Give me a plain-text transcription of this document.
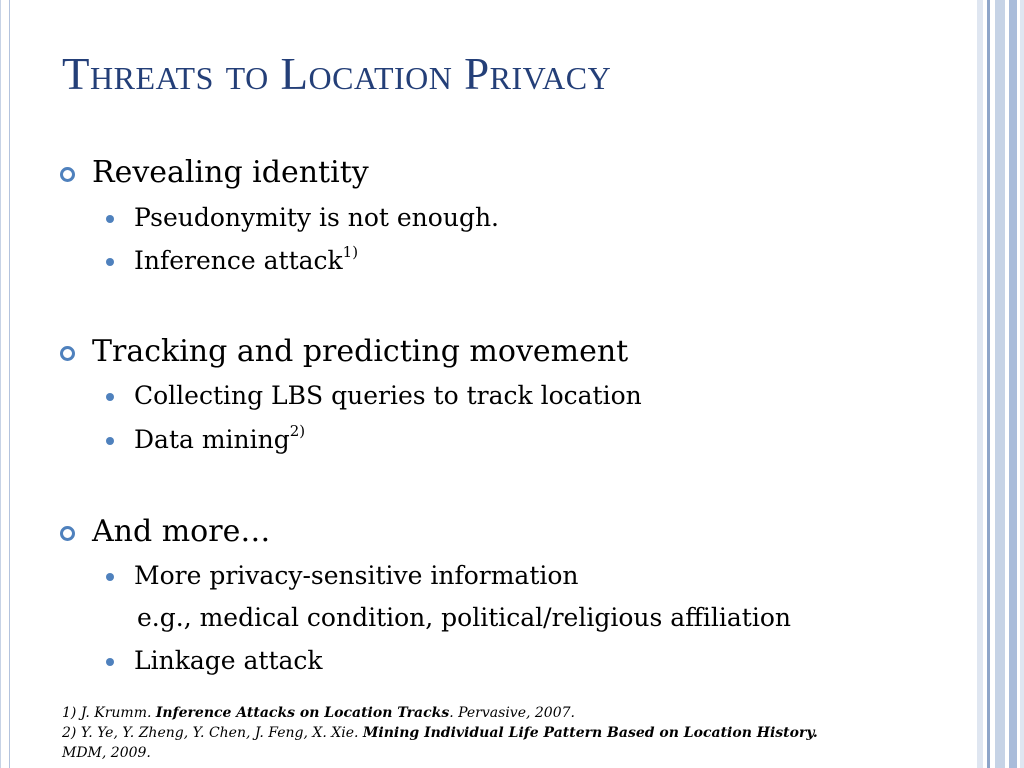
Threats to Location Privacy
Revealing identity
Pseudonymity is not enough.
Inference attack$^{1)}$
Tracking and predicting movement
Collecting LBS queries to track location
Data mining$^{2)}$
And more…
More privacy-sensitive information
e.g., medical condition, political/religious affiliation
Linkage attack
1) J. Krumm. Inference Attacks on Location Tracks. Pervasive, 2007.
2) Y. Ye, Y. Zheng, Y. Chen, J. Feng, X. Xie. Mining Individual Life Pattern Based on Location History.
MDM, 2009.
